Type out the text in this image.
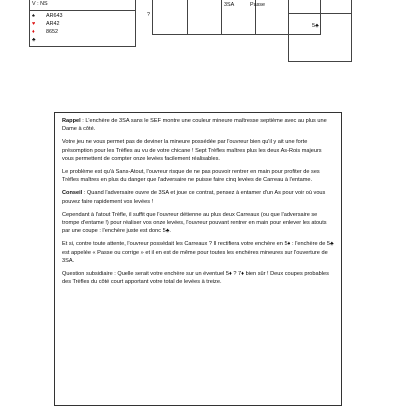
V : NS
♠ AR643
♥ AR42
♦ 8652
♣
?
3SA	Passe
5♣

Rappel : L'enchère de 3SA sans le SEF montre une couleur mineure maîtresse septième avec au plus une Dame à côté.

Votre jeu ne vous permet pas de deviner la mineure possédée par l'ouvreur bien qu'il y ait une forte présomption pour les Trèfles au vu de votre chicane ! Sept Trèfles maîtres plus les deux As-Rois majeurs vous permettent de compter onze levées facilement réalisables.

Le problème est qu'à Sans-Atout, l'ouvreur risque de ne pas pouvoir rentrer en main pour profiter de ses Trèfles maîtres en plus du danger que l'adversaire ne puisse faire cinq levées de Carreau à l'entame.

Conseil : Quand l'adversaire ouvre de 3SA et joue ce contrat, pensez à entamer d'un As pour voir où vous pouvez faire rapidement vos levées !

Cependant à l'atout Trèfle, il suffit que l'ouvreur détienne au plus deux Carreaux (ou que l'adversaire se trompe d'entame !) pour réaliser vos onze levées, l'ouvreur pouvant rentrer en main pour enlever les atouts par une coupe : l'enchère juste est donc 5♣.

Et si, contre toute attente, l'ouvreur possédait les Carreaux ? Il rectifiera votre enchère en 5♦ : l'enchère de 5♣ est appelée « Passe ou corrige » et il en est de même pour toutes les enchères mineures sur l'ouverture de 3SA.

Question subsidiaire : Quelle serait votre enchère sur un éventuel 5♦ ? 7♦ bien sûr ! Deux coupes probables des Trèfles du côté court apportant votre total de levées à treize.
